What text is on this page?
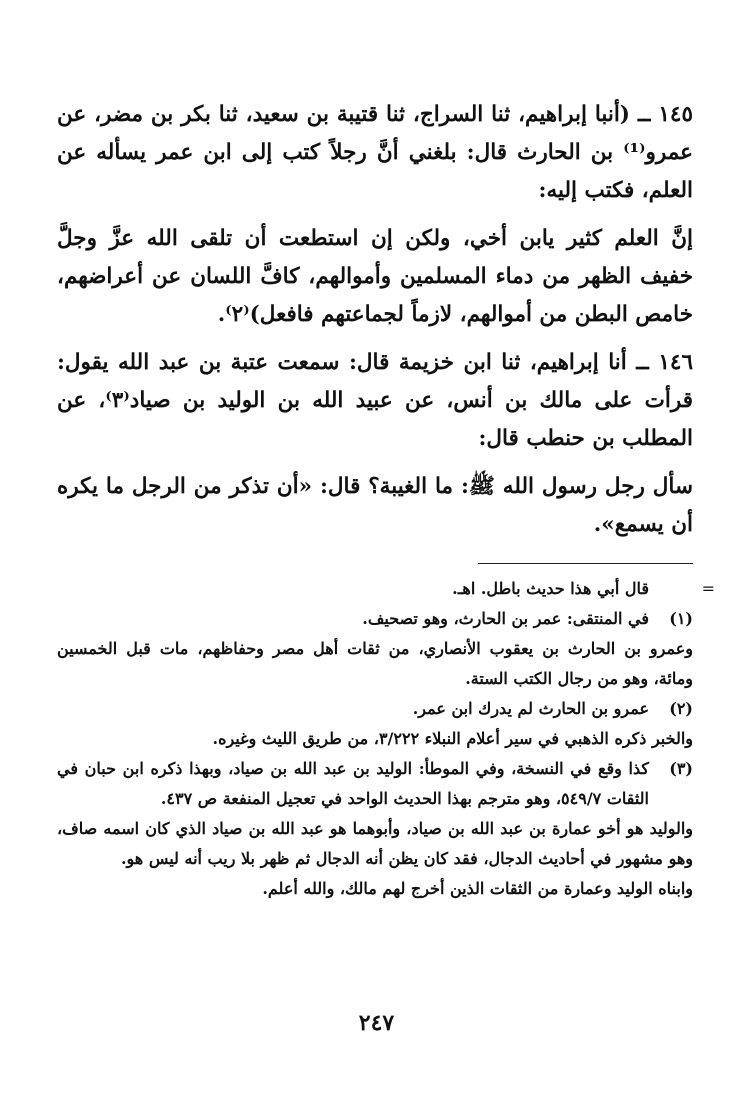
١٤٥ ــ (أنبا إبراهيم، ثنا السراج، ثنا قتيبة بن سعيد، ثنا بكر بن مضر، عن عمرو⁽¹⁾ بن الحارث قال: بلغني أنَّ رجلاً كتب إلى ابن عمر يسأله عن العلم، فكتب إليه:

إنَّ العلم كثير يابن أخي، ولكن إن استطعت أن تلقى الله عزَّ وجلَّ خفيف الظهر من دماء المسلمين وأموالهم، كافَّ اللسان عن أعراضهم، خامص البطن من أموالهم، لازماً لجماعتهم فافعل)⁽٢⁾.

١٤٦ ــ أنا إبراهيم، ثنا ابن خزيمة قال: سمعت عتبة بن عبد الله يقول: قرأت على مالك بن أنس، عن عبيد الله بن الوليد بن صياد⁽٣⁾، عن المطلب بن حنطب قال:

سأل رجل رسول الله ﷺ: ما الغيبة؟ قال: «أن تذكر من الرجل ما يكره أن يسمع».

=
قال أبي هذا حديث باطل. اهـ.
(١)
في المنتقى: عمر بن الحارث، وهو تصحيف.

وعمرو بن الحارث بن يعقوب الأنصاري، من ثقات أهل مصر وحفاظهم، مات قبل الخمسين ومائة، وهو من رجال الكتب الستة.

(٢)
عمرو بن الحارث لم يدرك ابن عمر.

والخبر ذكره الذهبي في سير أعلام النبلاء ٣/٢٢٢، من طريق الليث وغيره.

(٣)
كذا وقع في النسخة، وفي الموطأ: الوليد بن عبد الله بن صياد، وبهذا ذكره ابن حبان في الثقات ٥٤٩/٧، وهو مترجم بهذا الحديث الواحد في تعجيل المنفعة ص ٤٣٧.

والوليد هو أخو عمارة بن عبد الله بن صياد، وأبوهما هو عبد الله بن صياد الذي كان اسمه صاف، وهو مشهور في أحاديث الدجال، فقد كان يظن أنه الدجال ثم ظهر بلا ريب أنه ليس هو.

وابناه الوليد وعمارة من الثقات الذين أخرج لهم مالك، والله أعلم.

٢٤٧
